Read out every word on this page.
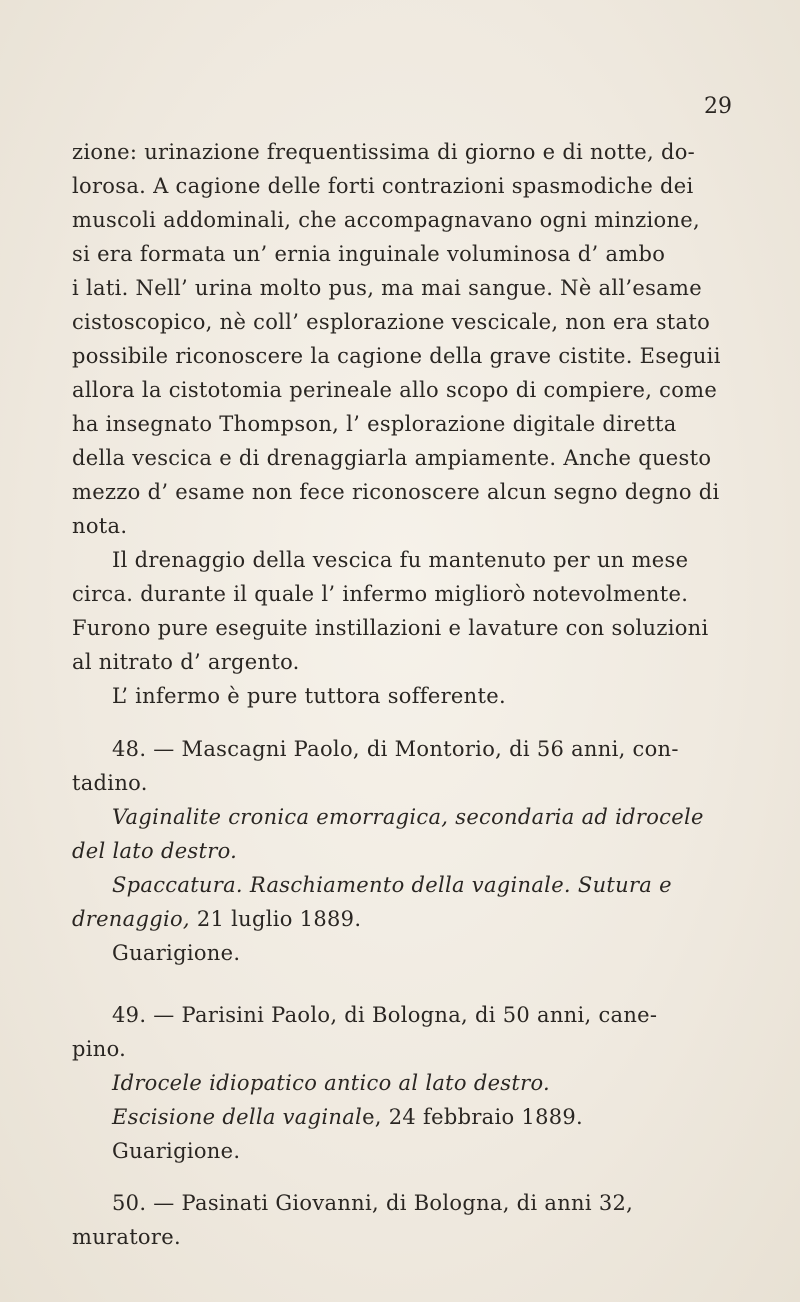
29
zione: urinazione frequentissima di giorno e di notte, do-
lorosa. A cagione delle forti contrazioni spasmodiche dei
muscoli addominali, che accompagnavano ogni minzione,
si era formata un’ ernia inguinale voluminosa d’ ambo
i lati. Nell’ urina molto pus, ma mai sangue. Nè all’esame
cistoscopico, nè coll’ esplorazione vescicale, non era stato
possibile riconoscere la cagione della grave cistite. Eseguii
allora la cistotomia perineale allo scopo di compiere, come
ha insegnato Thompson, l’ esplorazione digitale diretta
della vescica e di drenaggiarla ampiamente. Anche questo
mezzo d’ esame non fece riconoscere alcun segno degno di
nota.
Il drenaggio della vescica fu mantenuto per un mese
circa. durante il quale l’ infermo migliorò notevolmente.
Furono pure eseguite instillazioni e lavature con soluzioni
al nitrato d’ argento.
L’ infermo è pure tuttora sofferente.
48. — Mascagni Paolo, di Montorio, di 56 anni, con-
tadino.
Vaginalite cronica emorragica, secondaria ad idrocele
del lato destro.
Spaccatura. Raschiamento della vaginale. Sutura e
drenaggio, 21 luglio 1889.
Guarigione.
49. — Parisini Paolo, di Bologna, di 50 anni, cane-
pino.
Idrocele idiopatico antico al lato destro.
Escisione della vaginale, 24 febbraio 1889.
Guarigione.
50. — Pasinati Giovanni, di Bologna, di anni 32,
muratore.
